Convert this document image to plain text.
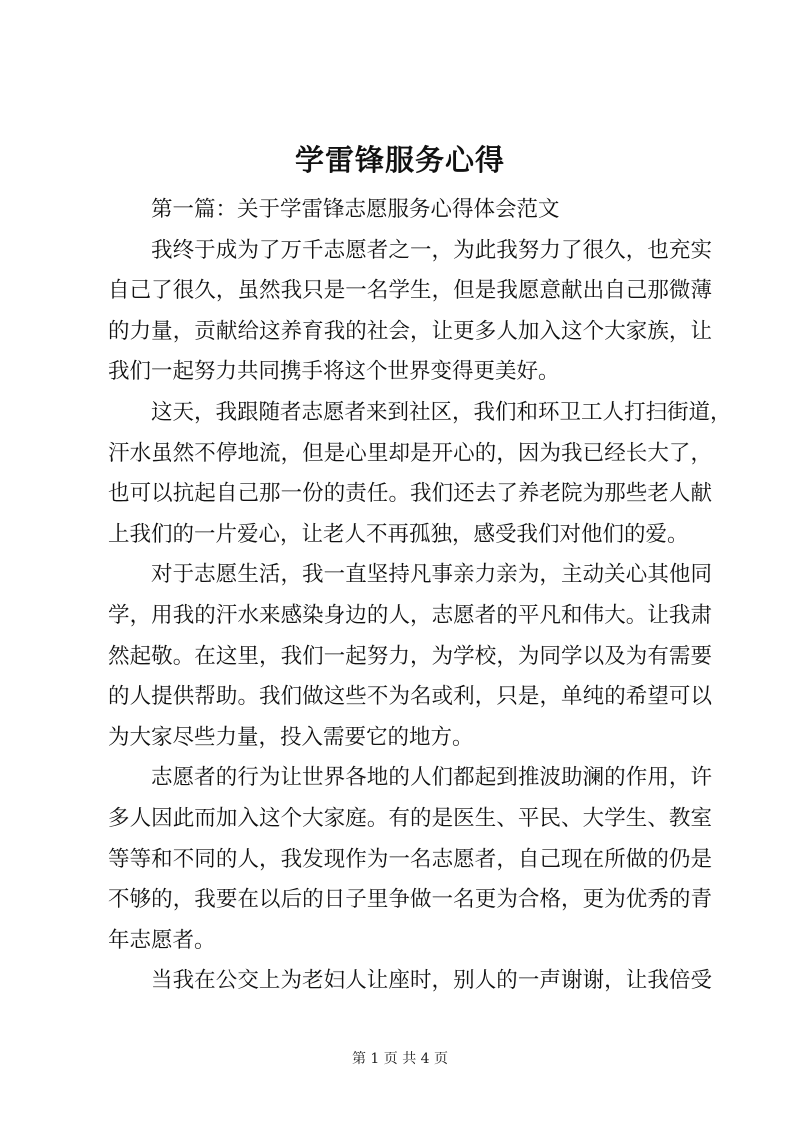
学雷锋服务心得
第一篇：关于学雷锋志愿服务心得体会范文
我终于成为了万千志愿者之一，为此我努力了很久，也充实
自己了很久，虽然我只是一名学生，但是我愿意献出自己那微薄
的力量，贡献给这养育我的社会，让更多人加入这个大家族，让
我们一起努力共同携手将这个世界变得更美好。
这天，我跟随者志愿者来到社区，我们和环卫工人打扫街道，
汗水虽然不停地流，但是心里却是开心的，因为我已经长大了，
也可以抗起自己那一份的责任。我们还去了养老院为那些老人献
上我们的一片爱心，让老人不再孤独，感受我们对他们的爱。
对于志愿生活，我一直坚持凡事亲力亲为，主动关心其他同
学，用我的汗水来感染身边的人，志愿者的平凡和伟大。让我肃
然起敬。在这里，我们一起努力，为学校，为同学以及为有需要
的人提供帮助。我们做这些不为名或利，只是，单纯的希望可以
为大家尽些力量，投入需要它的地方。
志愿者的行为让世界各地的人们都起到推波助澜的作用，许
多人因此而加入这个大家庭。有的是医生、平民、大学生、教室
等等和不同的人，我发现作为一名志愿者，自己现在所做的仍是
不够的，我要在以后的日子里争做一名更为合格，更为优秀的青
年志愿者。
当我在公交上为老妇人让座时，别人的一声谢谢，让我倍受
第 1 页 共 4 页
